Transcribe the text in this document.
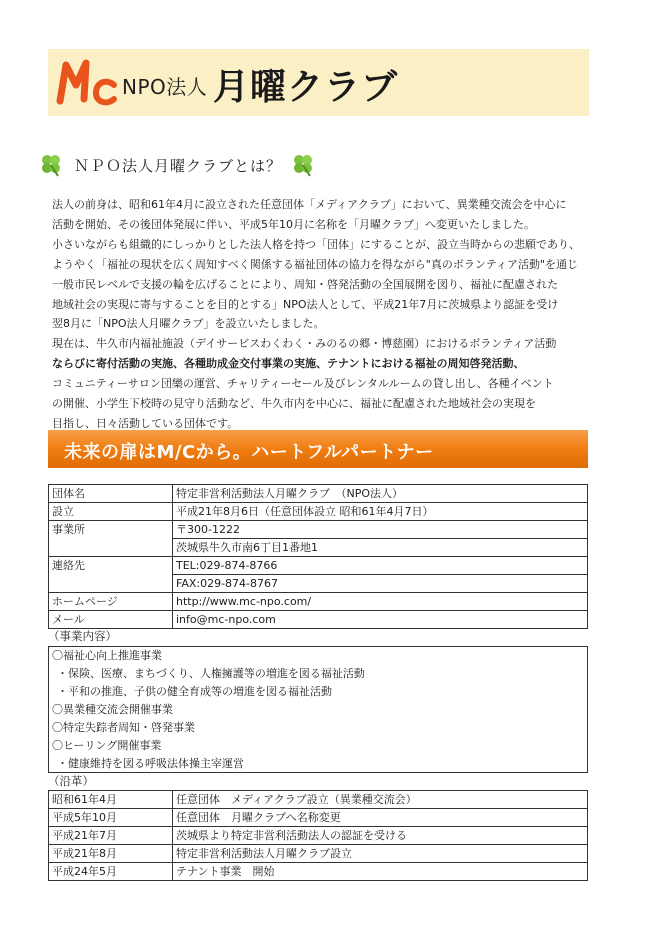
NPO法人 月曜クラブ
ＮＰＯ法人月曜クラブとは？

法人の前身は、昭和61年4月に設立された任意団体「メディアクラブ」において、異業種交流会を中心に

活動を開始、その後団体発展に伴い、平成5年10月に名称を「月曜クラブ」へ変更いたしました。

小さいながらも組織的にしっかりとした法人格を持つ「団体」にすることが、設立当時からの悲願であり、

ようやく「福祉の現状を広く周知すべく関係する福祉団体の協力を得ながら"真のボランティア活動"を通じ

一般市民レベルで支援の輪を広げることにより、周知・啓発活動の全国展開を図り、福祉に配慮された

地域社会の実現に寄与することを目的とする」NPO法人として、平成21年7月に茨城県より認証を受け

翌8月に「NPO法人月曜クラブ」を設立いたしました。

現在は、牛久市内福祉施設（デイサービスわくわく・みのるの郷・博慈園）におけるボランティア活動

ならびに寄付活動の実施、各種助成金交付事業の実施、テナントにおける福祉の周知啓発活動、

コミュニティーサロン団欒の運営、チャリティーセール及びレンタルルームの貸し出し、各種イベント

の開催、小学生下校時の見守り活動など、牛久市内を中心に、福祉に配慮された地域社会の実現を

目指し、日々活動している団体です。

未来の扉はM/Cから。ハートフルパートナー
団体名	特定非営利活動法人月曜クラブ　（NPO法人）
設立	平成21年8月6日（任意団体設立 昭和61年4月7日）
事業所	〒300-1222
	茨城県牛久市南6丁目1番地1
連絡先	TEL:029-874-8766
	FAX:029-874-8767
ホームページ	http://www.mc-npo.com/
メール	info@mc-npo.com
（事業内容）
〇福祉心向上推進事業
・保険、医療、まちづくり、人権擁護等の増進を図る福祉活動
・平和の推進、子供の健全育成等の増進を図る福祉活動
〇異業種交流会開催事業
〇特定失踪者周知・啓発事業
〇ヒーリング開催事業
・健康維持を図る呼吸法体操主宰運営
（沿革）
昭和61年4月	任意団体　メディアクラブ設立（異業種交流会）
平成5年10月	任意団体　月曜クラブへ名称変更
平成21年7月	茨城県より特定非営利活動法人の認証を受ける
平成21年8月	特定非営利活動法人月曜クラブ設立
平成24年5月	テナント事業　開始
